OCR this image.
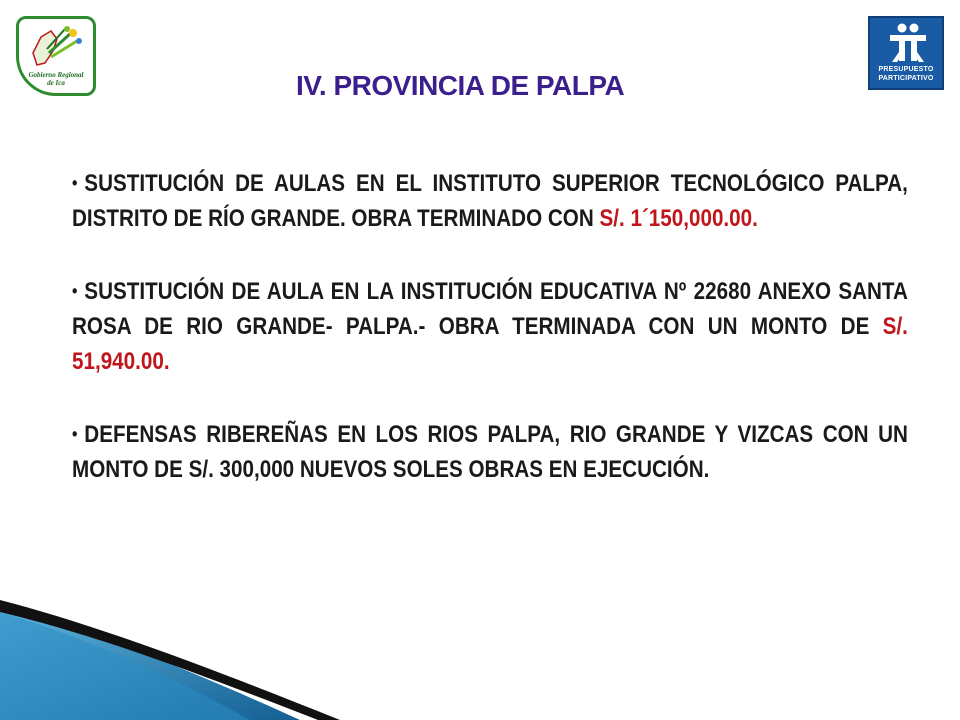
Gobierno Regional
de Ica
PRESUPUESTO
PARTICIPATIVO
IV. PROVINCIA DE PALPA
• SUSTITUCIÓN DE AULAS EN EL INSTITUTO SUPERIOR TECNOLÓGICO PALPA, DISTRITO DE RÍO GRANDE. OBRA TERMINADO CON S/. 1´150,000.00.
• SUSTITUCIÓN DE AULA EN LA INSTITUCIÓN EDUCATIVA Nº 22680 ANEXO SANTA ROSA DE RIO GRANDE- PALPA.- OBRA TERMINADA CON UN MONTO DE S/. 51,940.00.
• DEFENSAS RIBEREÑAS EN LOS RIOS PALPA, RIO GRANDE Y VIZCAS CON UN MONTO DE S/. 300,000 NUEVOS SOLES OBRAS EN EJECUCIÓN.
